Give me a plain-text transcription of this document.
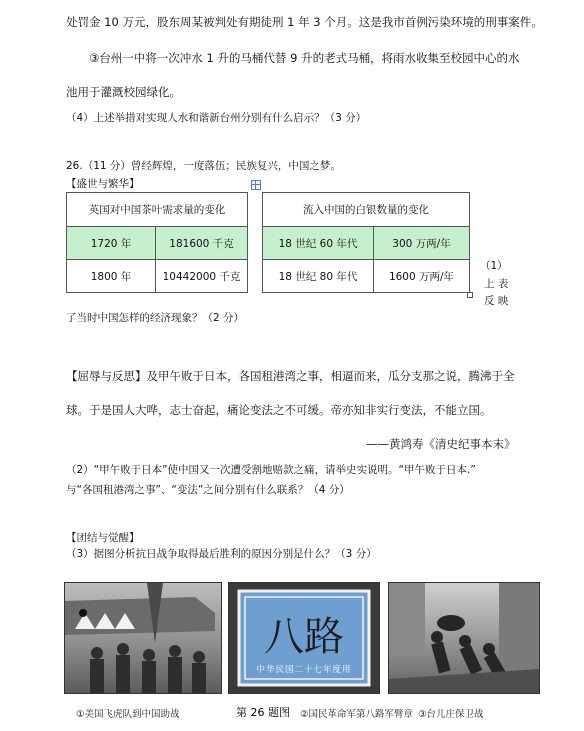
处罚金 10 万元，股东周某被判处有期徒刑 1 年 3 个月。这是我市首例污染环境的刑事案件。
③台州一中将一次冲水 1 升的马桶代替 9 升的老式马桶，将雨水收集至校园中心的水
池用于灌溉校园绿化。
（4）上述举措对实现人水和谐新台州分别有什么启示？（3 分）
26.（11 分）曾经辉煌，一度落伍；民族复兴，中国之梦。
【盛世与繁华】
英国对中国茶叶需求量的变化	
1720 年	181600 千克
1800 年	10442000 千克
流入中国的白银数量的变化	
18 世纪 60 年代	300 万两/年
18 世纪 80 年代	1600 万两/年
（1）
上 表
反 映
了当时中国怎样的经济现象？（2 分）
【屈辱与反思】及甲午败于日本，各国租港湾之事，相逼而来，瓜分支那之说，腾沸于全
球。于是国人大哗，志士奋起，痛论变法之不可缓。帝亦知非实行变法，不能立国。
——黄鸿寿《清史纪事本末》
（2）“甲午败于日本”使中国又一次遭受割地赔款之痛，请举史实说明。“甲午败于日本.”
与“各国租港湾之事”、“变法”之间分别有什么联系？（4 分）
【团结与觉醒】
（3）据图分析抗日战争取得最后胜利的原因分别是什么？（3 分）
八路
中华民国二十七年度用
①美国飞虎队到中国助战	第 26 题图 ②国民革命军第八路军臂章 ③台儿庄保卫战
